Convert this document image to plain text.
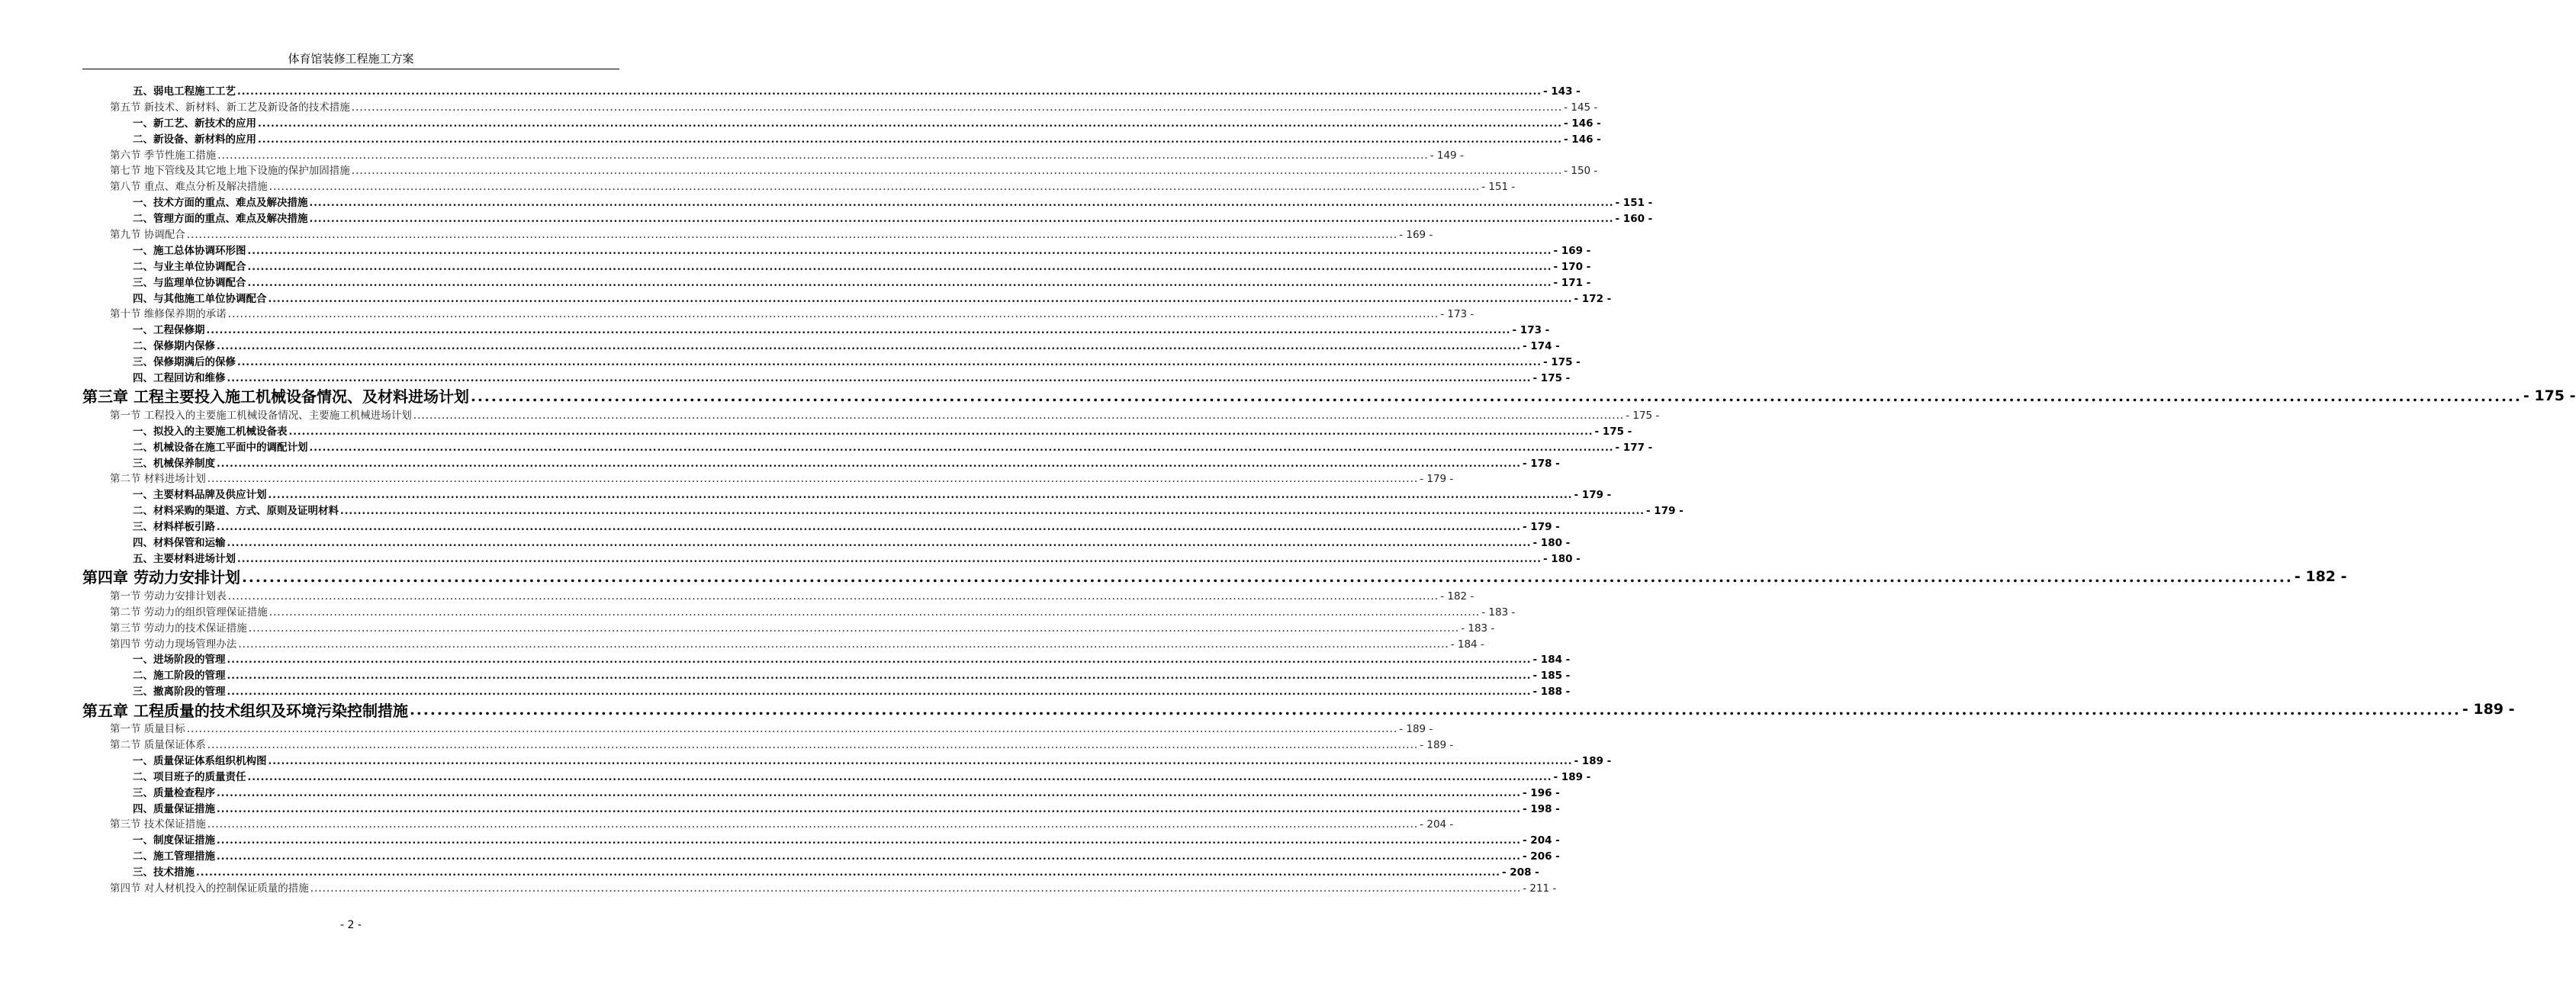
体育馆装修工程施工方案
五、弱电工程施工工艺 ............................................................................................................................................................................................................................................................................................................ - 143 -
第五节 新技术、新材料、新工艺及新设备的技术措施 ............................................................................................................................................................................................................................................................................................................ - 145 -
一、新工艺、新技术的应用 ............................................................................................................................................................................................................................................................................................................ - 146 -
二、新设备、新材料的应用 ............................................................................................................................................................................................................................................................................................................ - 146 -
第六节 季节性施工措施 ............................................................................................................................................................................................................................................................................................................ - 149 -
第七节 地下管线及其它地上地下设施的保护加固措施 ............................................................................................................................................................................................................................................................................................................ - 150 -
第八节 重点、难点分析及解决措施 ............................................................................................................................................................................................................................................................................................................ - 151 -
一、技术方面的重点、难点及解决措施 ............................................................................................................................................................................................................................................................................................................ - 151 -
二、管理方面的重点、难点及解决措施 ............................................................................................................................................................................................................................................................................................................ - 160 -
第九节 协调配合 ............................................................................................................................................................................................................................................................................................................ - 169 -
一、施工总体协调环形图 ............................................................................................................................................................................................................................................................................................................ - 169 -
二、与业主单位协调配合 ............................................................................................................................................................................................................................................................................................................ - 170 -
三、与监理单位协调配合 ............................................................................................................................................................................................................................................................................................................ - 171 -
四、与其他施工单位协调配合 ............................................................................................................................................................................................................................................................................................................ - 172 -
第十节 维修保养期的承诺 ............................................................................................................................................................................................................................................................................................................ - 173 -
一、工程保修期 ............................................................................................................................................................................................................................................................................................................ - 173 -
二、保修期内保修 ............................................................................................................................................................................................................................................................................................................ - 174 -
三、保修期满后的保修 ............................................................................................................................................................................................................................................................................................................ - 175 -
四、工程回访和维修 ............................................................................................................................................................................................................................................................................................................ - 175 -
第三章 工程主要投入施工机械设备情况、及材料进场计划 ............................................................................................................................................................................................................................................................................................................ - 175 -
第一节 工程投入的主要施工机械设备情况、主要施工机械进场计划 ............................................................................................................................................................................................................................................................................................................ - 175 -
一、拟投入的主要施工机械设备表 ............................................................................................................................................................................................................................................................................................................ - 175 -
二、机械设备在施工平面中的调配计划 ............................................................................................................................................................................................................................................................................................................ - 177 -
三、机械保养制度 ............................................................................................................................................................................................................................................................................................................ - 178 -
第二节 材料进场计划 ............................................................................................................................................................................................................................................................................................................ - 179 -
一、主要材料品牌及供应计划 ............................................................................................................................................................................................................................................................................................................ - 179 -
二、材料采购的渠道、方式、原则及证明材料 ............................................................................................................................................................................................................................................................................................................ - 179 -
三、材料样板引路 ............................................................................................................................................................................................................................................................................................................ - 179 -
四、材料保管和运输 ............................................................................................................................................................................................................................................................................................................ - 180 -
五、主要材料进场计划 ............................................................................................................................................................................................................................................................................................................ - 180 -
第四章 劳动力安排计划 ............................................................................................................................................................................................................................................................................................................ - 182 -
第一节 劳动力安排计划表 ............................................................................................................................................................................................................................................................................................................ - 182 -
第二节 劳动力的组织管理保证措施 ............................................................................................................................................................................................................................................................................................................ - 183 -
第三节 劳动力的技术保证措施 ............................................................................................................................................................................................................................................................................................................ - 183 -
第四节 劳动力现场管理办法 ............................................................................................................................................................................................................................................................................................................ - 184 -
一、进场阶段的管理 ............................................................................................................................................................................................................................................................................................................ - 184 -
二、施工阶段的管理 ............................................................................................................................................................................................................................................................................................................ - 185 -
三、撤离阶段的管理 ............................................................................................................................................................................................................................................................................................................ - 188 -
第五章 工程质量的技术组织及环境污染控制措施 ............................................................................................................................................................................................................................................................................................................ - 189 -
第一节 质量目标 ............................................................................................................................................................................................................................................................................................................ - 189 -
第二节 质量保证体系 ............................................................................................................................................................................................................................................................................................................ - 189 -
一、质量保证体系组织机构图 ............................................................................................................................................................................................................................................................................................................ - 189 -
二、项目班子的质量责任 ............................................................................................................................................................................................................................................................................................................ - 189 -
三、质量检查程序 ............................................................................................................................................................................................................................................................................................................ - 196 -
四、质量保证措施 ............................................................................................................................................................................................................................................................................................................ - 198 -
第三节 技术保证措施 ............................................................................................................................................................................................................................................................................................................ - 204 -
一、制度保证措施 ............................................................................................................................................................................................................................................................................................................ - 204 -
二、施工管理措施 ............................................................................................................................................................................................................................................................................................................ - 206 -
三、技术措施 ............................................................................................................................................................................................................................................................................................................ - 208 -
第四节 对人材机投入的控制保证质量的措施 ............................................................................................................................................................................................................................................................................................................ - 211 -
- 2 -
